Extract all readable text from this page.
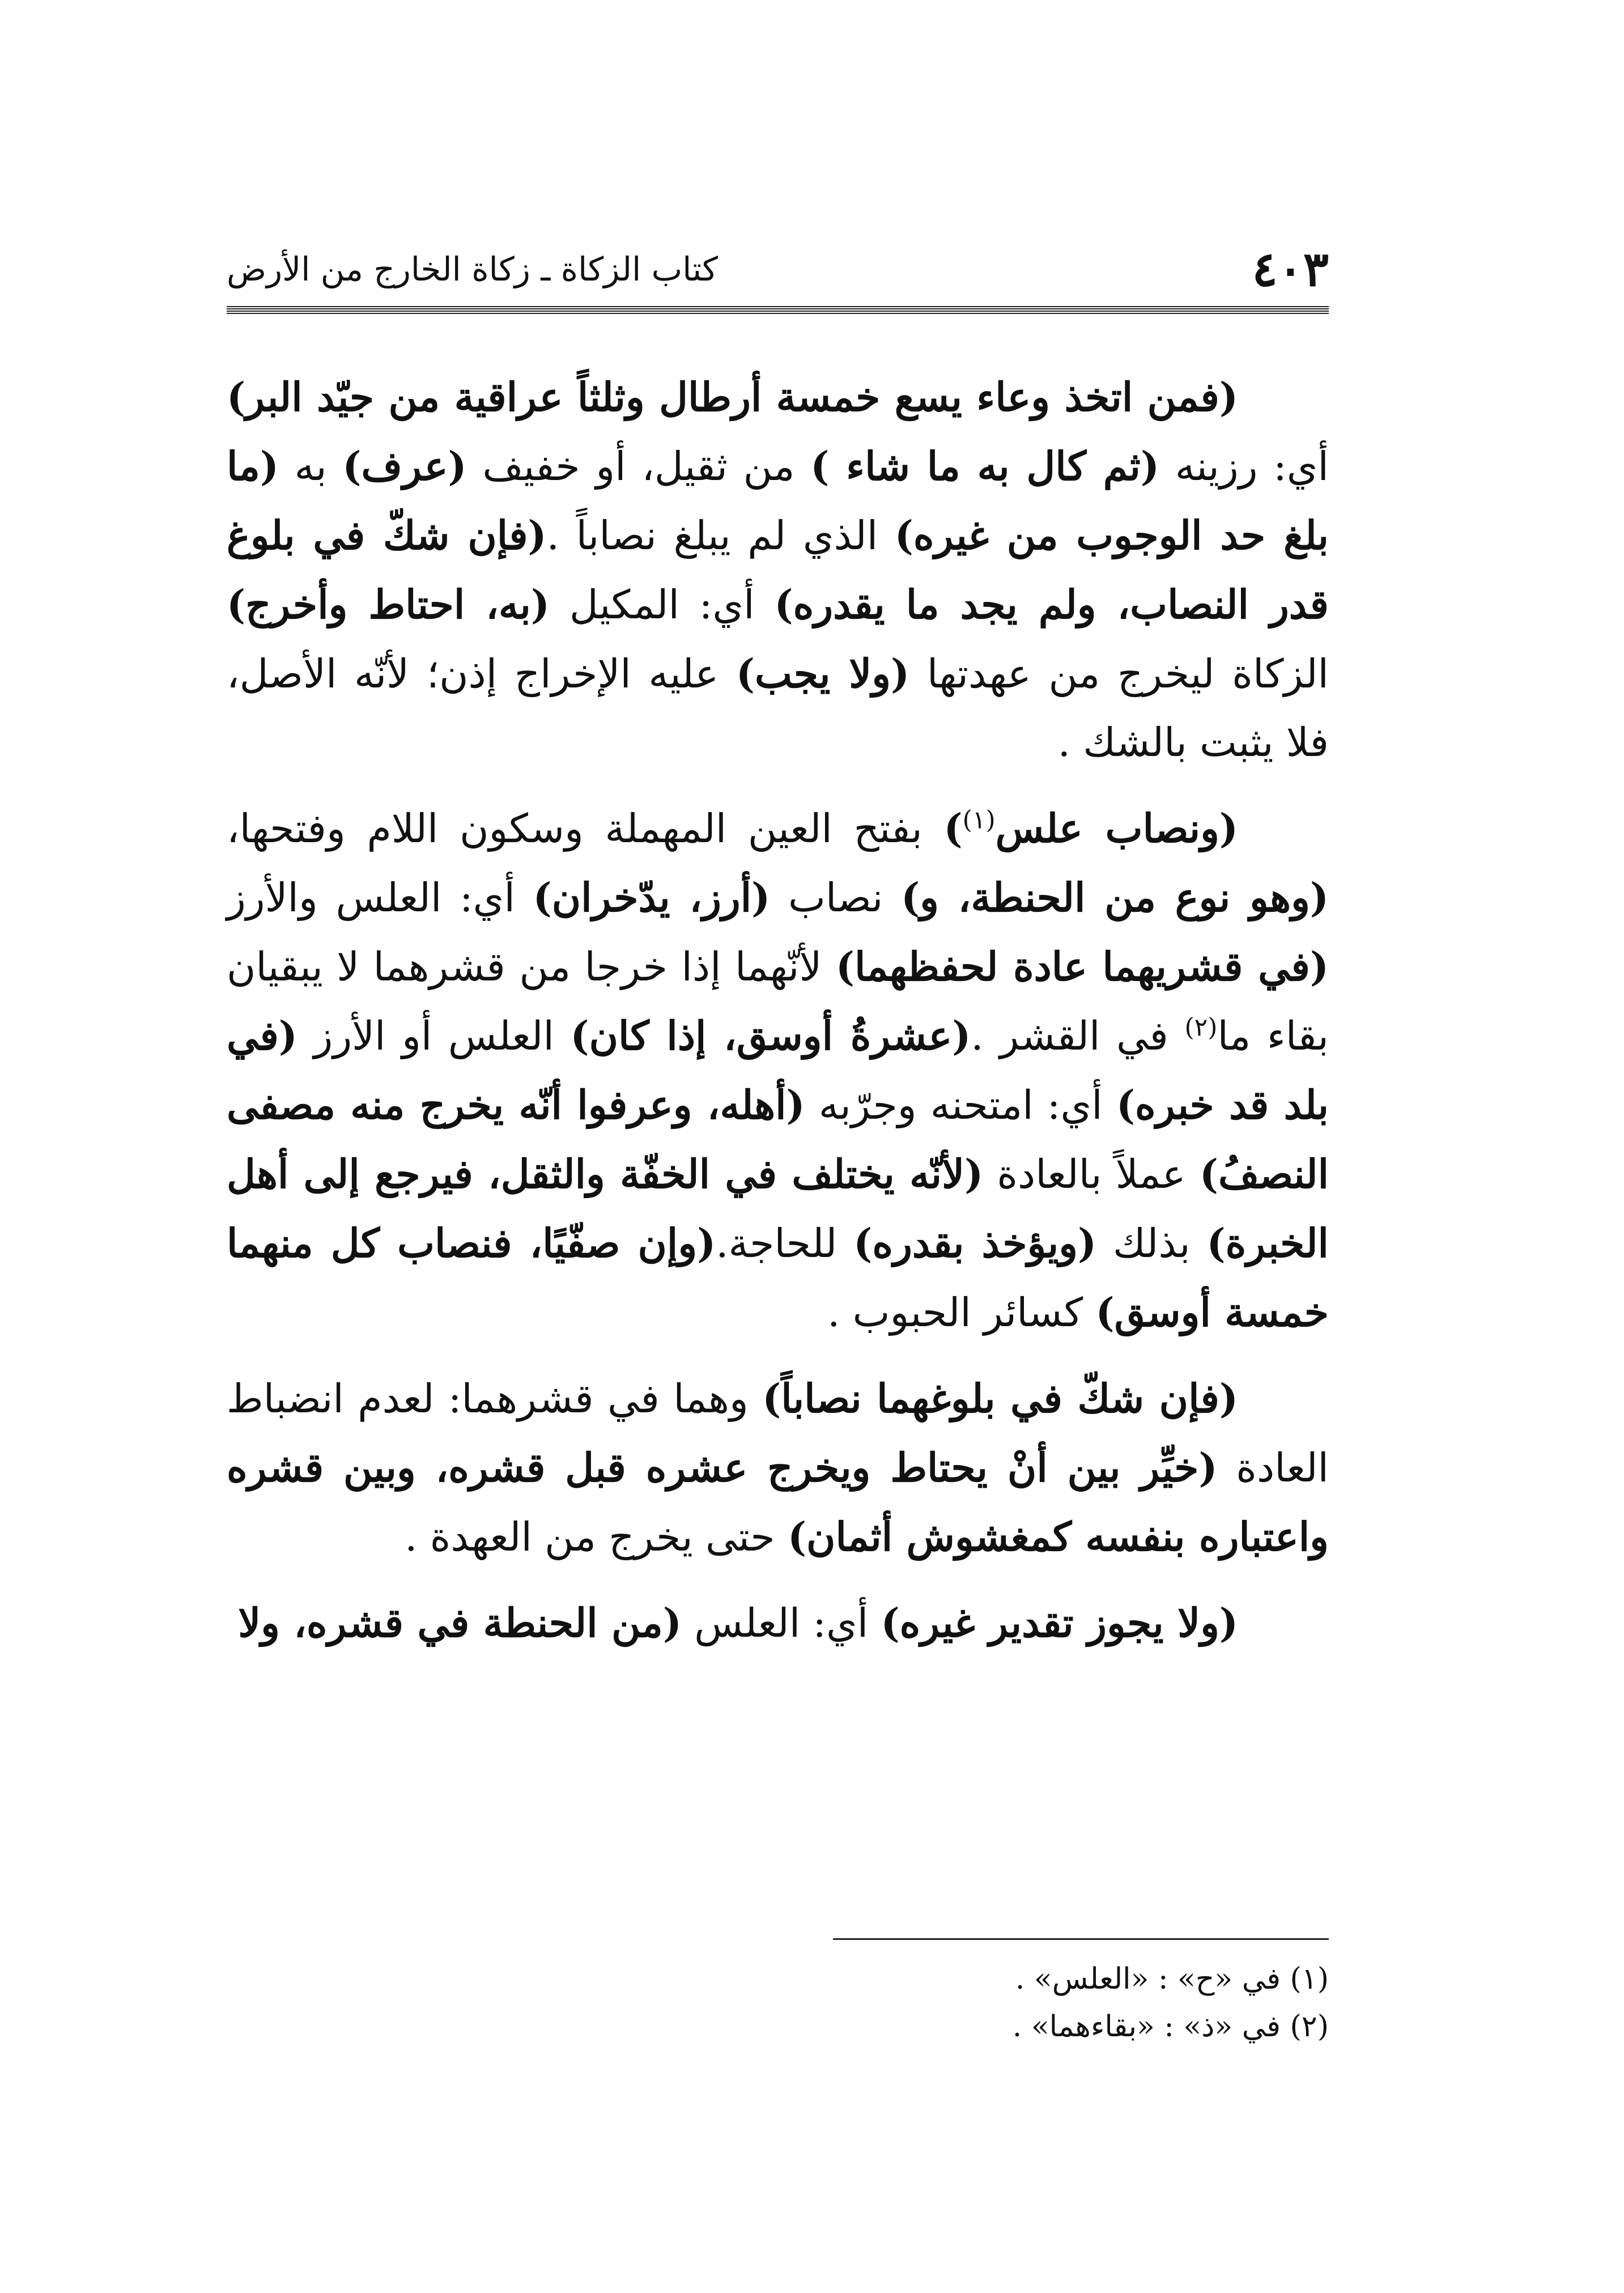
٤٠٣
كتاب الزكاة ـ زكاة الخارج من الأرض

(فمن اتخذ وعاء يسع خمسة أرطال وثلثاً عراقية من جيّد البر) أي: رزينه (ثم كال به ما شاء ) من ثقيل، أو خفيف (عرف) به (ما بلغ حد الوجوب من غيره) الذي لم يبلغ نصاباً .(فإن شكّ في بلوغ قدر النصاب، ولم يجد ما يقدره) أي: المكيل (به، احتاط وأخرج) الزكاة ليخرج من عهدتها (ولا يجب) عليه الإخراج إذن؛ لأنّه الأصل، فلا يثبت بالشك .

(ونصاب علس$^{(١)}$) بفتح العين المهملة وسكون اللام وفتحها، (وهو نوع من الحنطة، و) نصاب (أرز، يدّخران) أي: العلس والأرز (في قشريهما عادة لحفظهما) لأنّهما إذا خرجا من قشرهما لا يبقيان بقاء ما$^{(٢)}$ في القشر .(عشرةُ أوسق، إذا كان) العلس أو الأرز (في بلد قد خبره) أي: امتحنه وجرّبه (أهله، وعرفوا أنّه يخرج منه مصفى النصفُ) عملاً بالعادة (لأنّه يختلف في الخفّة والثقل، فيرجع إلى أهل الخبرة) بذلك (ويؤخذ بقدره) للحاجة.(وإن صفّيًا، فنصاب كل منهما خمسة أوسق) كسائر الحبوب .

(فإن شكّ في بلوغهما نصاباً) وهما في قشرهما: لعدم انضباط العادة (خيِّر بين أنْ يحتاط ويخرج عشره قبل قشره، وبين قشره واعتباره بنفسه كمغشوش أثمان) حتى يخرج من العهدة .

(ولا يجوز تقدير غيره) أي: العلس (من الحنطة في قشره، ولا

(١) في «ح» : «العلس» .
(٢) في «ذ» : «بقاءهما» .
